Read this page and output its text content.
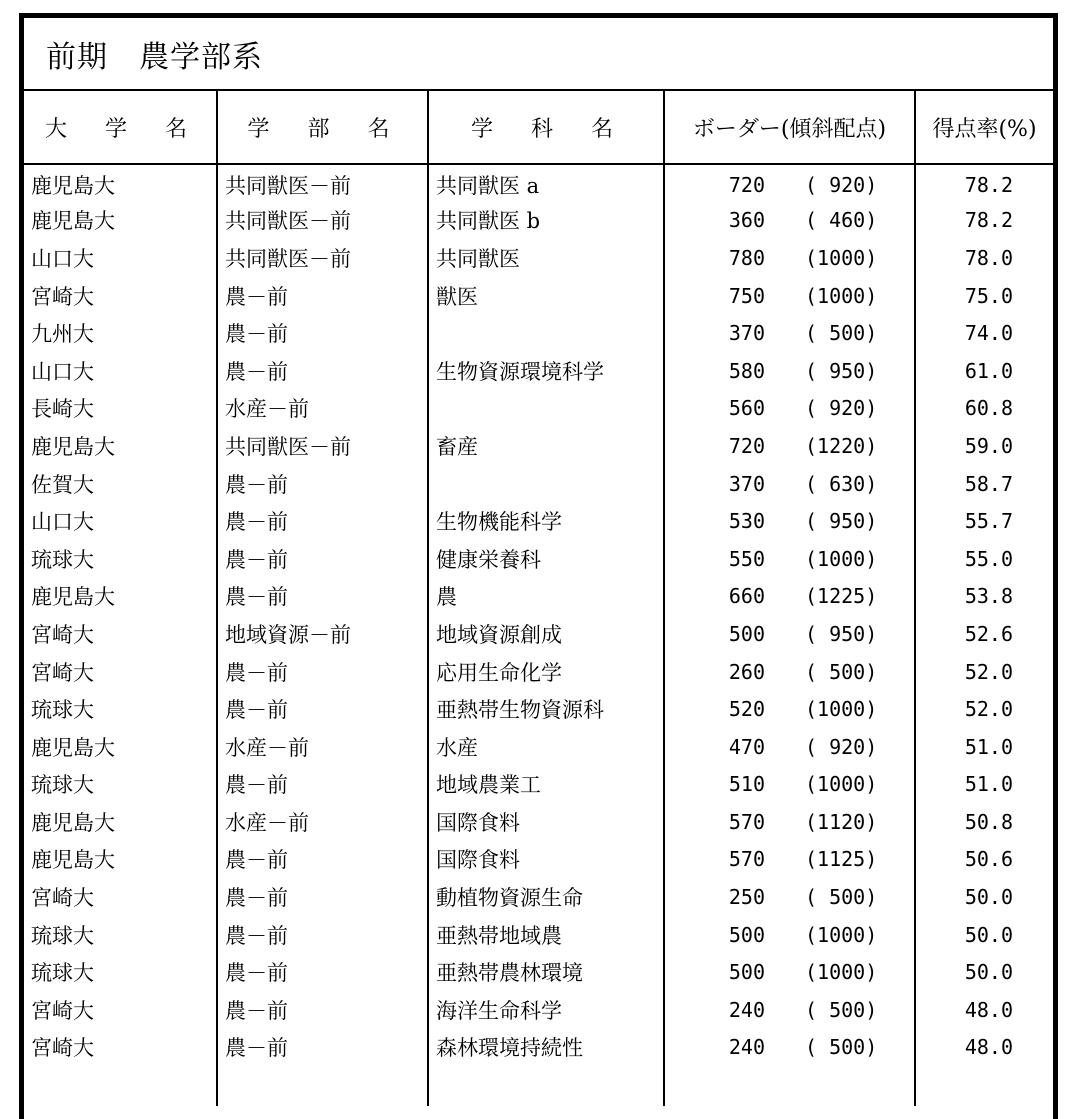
前期　農学部系
大　学　名	学　部　名	学　科　名	ボーダー(傾斜配点)	得点率(%)
鹿児島大	共同獣医－前	共同獣医 a	720 ( 920)	78.2
鹿児島大	共同獣医－前	共同獣医 b	360 ( 460)	78.2
山口大	共同獣医－前	共同獣医	780 (1000)	78.0
宮崎大	農－前	獣医	750 (1000)	75.0
九州大	農－前		370 ( 500)	74.0
山口大	農－前	生物資源環境科学	580 ( 950)	61.0
長崎大	水産－前		560 ( 920)	60.8
鹿児島大	共同獣医－前	畜産	720 (1220)	59.0
佐賀大	農－前		370 ( 630)	58.7
山口大	農－前	生物機能科学	530 ( 950)	55.7
琉球大	農－前	健康栄養科	550 (1000)	55.0
鹿児島大	農－前	農	660 (1225)	53.8
宮崎大	地域資源－前	地域資源創成	500 ( 950)	52.6
宮崎大	農－前	応用生命化学	260 ( 500)	52.0
琉球大	農－前	亜熱帯生物資源科	520 (1000)	52.0
鹿児島大	水産－前	水産	470 ( 920)	51.0
琉球大	農－前	地域農業工	510 (1000)	51.0
鹿児島大	水産－前	国際食料	570 (1120)	50.8
鹿児島大	農－前	国際食料	570 (1125)	50.6
宮崎大	農－前	動植物資源生命	250 ( 500)	50.0
琉球大	農－前	亜熱帯地域農	500 (1000)	50.0
琉球大	農－前	亜熱帯農林環境	500 (1000)	50.0
宮崎大	農－前	海洋生命科学	240 ( 500)	48.0
宮崎大	農－前	森林環境持続性	240 ( 500)	48.0
